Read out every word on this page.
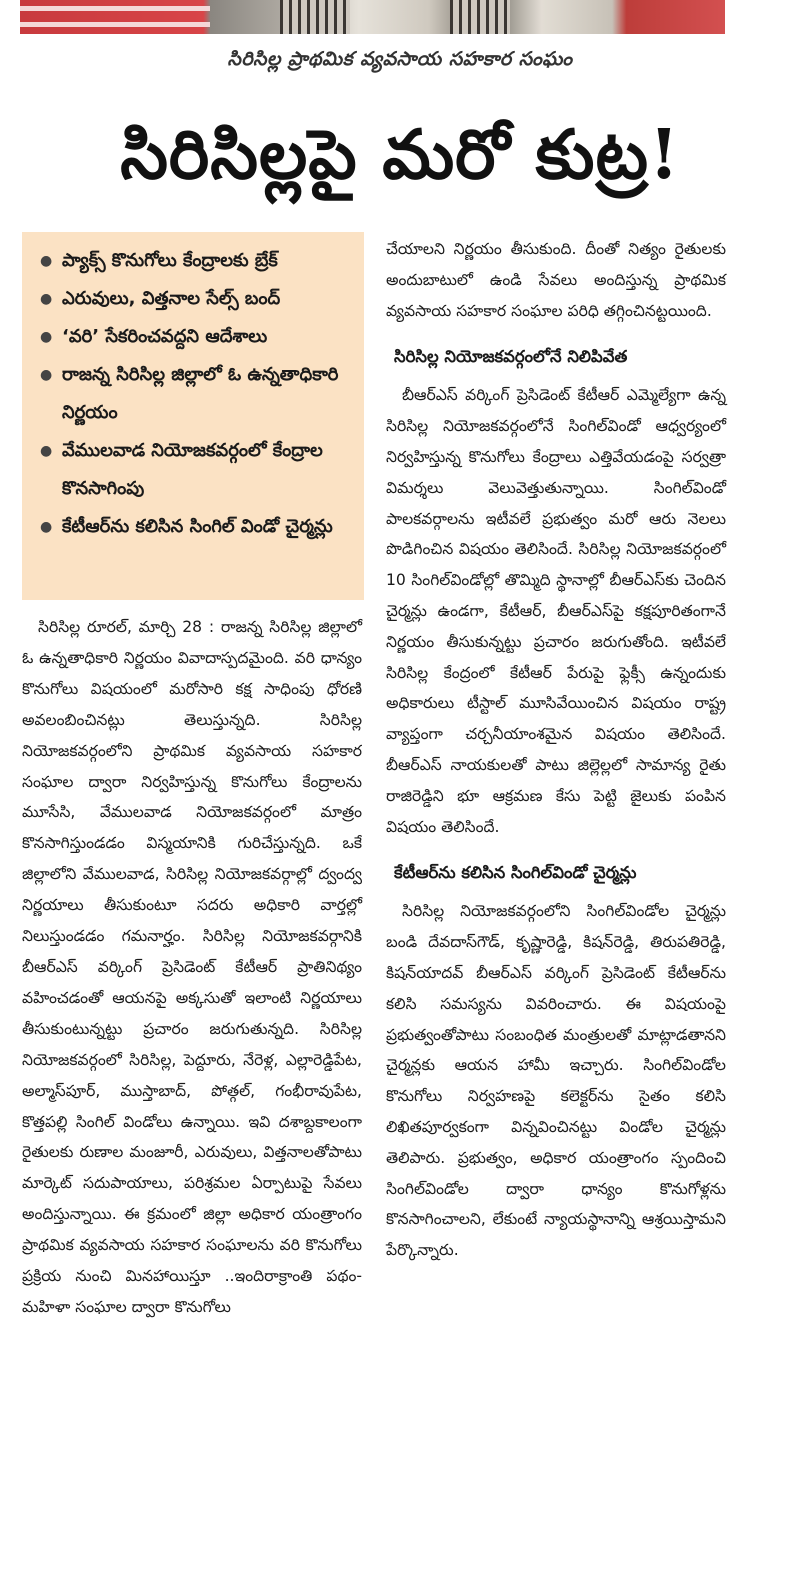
సిరిసిల్ల ప్రాథమిక వ్యవసాయ సహకార సంఘం
సిరిసిల్లపై మరో కుట్ర!
● ప్యాక్స్ కొనుగోలు కేంద్రాలకు బ్రేక్
● ఎరువులు, విత్తనాల సేల్స్ బంద్
● ‘వరి’ సేకరించవద్దని ఆదేశాలు
● రాజన్న సిరిసిల్ల జిల్లాలో ఓ ఉన్నతాధికారి నిర్ణయం
● వేములవాడ నియోజకవర్గంలో కేంద్రాల కొనసాగింపు
● కేటీఆర్‌ను కలిసిన సింగిల్ విండో చైర్మన్లు

సిరిసిల్ల రూరల్, మార్చి 28 : రాజన్న సిరిసిల్ల జిల్లాలో ఓ ఉన్నతాధికారి నిర్ణయం వివాదాస్పదమైంది. వరి ధాన్యం కొనుగోలు విషయంలో మరోసారి కక్ష సాధింపు ధోరణి అవలంబించినట్లు తెలుస్తున్నది. సిరిసిల్ల నియోజకవర్గంలోని ప్రాథమిక వ్యవసాయ సహకార సంఘాల ద్వారా నిర్వహిస్తున్న కొనుగోలు కేంద్రాలను మూసేసి, వేములవాడ నియోజకవర్గంలో మాత్రం కొనసాగిస్తుండడం విస్మయానికి గురిచేస్తున్నది. ఒకే జిల్లాలోని వేములవాడ, సిరిసిల్ల నియోజకవర్గాల్లో ద్వంద్వ నిర్ణయాలు తీసుకుంటూ సదరు అధికారి వార్తల్లో నిలుస్తుండడం గమనార్హం. సిరిసిల్ల నియోజకవర్గానికి బీఆర్ఎస్ వర్కింగ్ ప్రెసిడెంట్ కేటీఆర్ ప్రాతినిథ్యం వహించడంతో ఆయనపై అక్కసుతో ఇలాంటి నిర్ణయాలు తీసుకుంటున్నట్టు ప్రచారం జరుగుతున్నది. సిరిసిల్ల నియోజకవర్గంలో సిరిసిల్ల, పెద్దూరు, నేరెళ్ల, ఎల్లారెడ్డిపేట, అల్మాస్‌పూర్, ముస్తాబాద్, పోత్గల్, గంభీరావుపేట, కొత్తపల్లి సింగిల్ విండోలు ఉన్నాయి. ఇవి దశాబ్దకాలంగా రైతులకు రుణాల మంజూరీ, ఎరువులు, విత్తనాలతోపాటు మార్కెట్ సదుపాయాలు, పరిశ్రమల ఏర్పాటుపై సేవలు అందిస్తున్నాయి. ఈ క్రమంలో జిల్లా అధికార యంత్రాంగం ప్రాథమిక వ్యవసాయ సహకార సంఘాలను వరి కొనుగోలు ప్రక్రియ నుంచి మినహాయిస్తూ ..ఇందిరాక్రాంతి పథం-మహిళా సంఘాల ద్వారా కొనుగోలు

చేయాలని నిర్ణయం తీసుకుంది. దీంతో నిత్యం రైతులకు అందుబాటులో ఉండి సేవలు అందిస్తున్న ప్రాథమిక వ్యవసాయ సహకార సంఘాల పరిధి తగ్గించినట్టయింది.

సిరిసిల్ల నియోజకవర్గంలోనే నిలిపివేత

బీఆర్ఎస్ వర్కింగ్ ప్రెసిడెంట్ కేటీఆర్ ఎమ్మెల్యేగా ఉన్న సిరిసిల్ల నియోజకవర్గంలోనే సింగిల్‌విండో ఆధ్వర్యంలో నిర్వహిస్తున్న కొనుగోలు కేంద్రాలు ఎత్తివేయడంపై సర్వత్రా విమర్శలు వెలువెత్తుతున్నాయి. సింగిల్‌విండో పాలకవర్గాలను ఇటీవలే ప్రభుత్వం మరో ఆరు నెలలు పొడిగించిన విషయం తెలిసిందే. సిరిసిల్ల నియోజకవర్గంలో 10 సింగిల్‌విండోల్లో తొమ్మిది స్థానాల్లో బీఆర్ఎస్‌కు చెందిన చైర్మన్లు ఉండగా, కేటీఆర్, బీఆర్ఎస్‌పై కక్షపూరితంగానే నిర్ణయం తీసుకున్నట్టు ప్రచారం జరుగుతోంది. ఇటీవలే సిరిసిల్ల కేంద్రంలో కేటీఆర్ పేరుపై ఫ్లెక్సీ ఉన్నందుకు అధికారులు టీస్టాల్ మూసివేయించిన విషయం రాష్ట్ర వ్యాప్తంగా చర్చనీయాంశమైన విషయం తెలిసిందే. బీఆర్ఎస్ నాయకులతో పాటు జిల్లెల్లలో సామాన్య రైతు రాజిరెడ్డిని భూ ఆక్రమణ కేసు పెట్టి జైలుకు పంపిన విషయం తెలిసిందే.

కేటీఆర్‌ను కలిసిన సింగిల్‌విండో చైర్మన్లు

సిరిసిల్ల నియోజకవర్గంలోని సింగిల్‌విండోల చైర్మన్లు బండి దేవదాస్‌గౌడ్, కృష్ణారెడ్డి, కిషన్‌రెడ్డి, తిరుపతిరెడ్డి, కిషన్‌యాదవ్ బీఆర్ఎస్ వర్కింగ్ ప్రెసిడెంట్ కేటీఆర్‌ను కలిసి సమస్యను వివరించారు. ఈ విషయంపై ప్రభుత్వంతోపాటు సంబంధిత మంత్రులతో మాట్లాడతానని చైర్మన్లకు ఆయన హామీ ఇచ్చారు. సింగిల్‌విండోల కొనుగోలు నిర్వహణపై కలెక్టర్‌ను సైతం కలిసి లిఖితపూర్వకంగా విన్నవించినట్టు విండోల చైర్మన్లు తెలిపారు. ప్రభుత్వం, అధికార యంత్రాంగం స్పందించి సింగిల్‌విండోల ద్వారా ధాన్యం కొనుగోళ్లను కొనసాగించాలని, లేకుంటే న్యాయస్థానాన్ని ఆశ్రయిస్తామని పేర్కొన్నారు.
